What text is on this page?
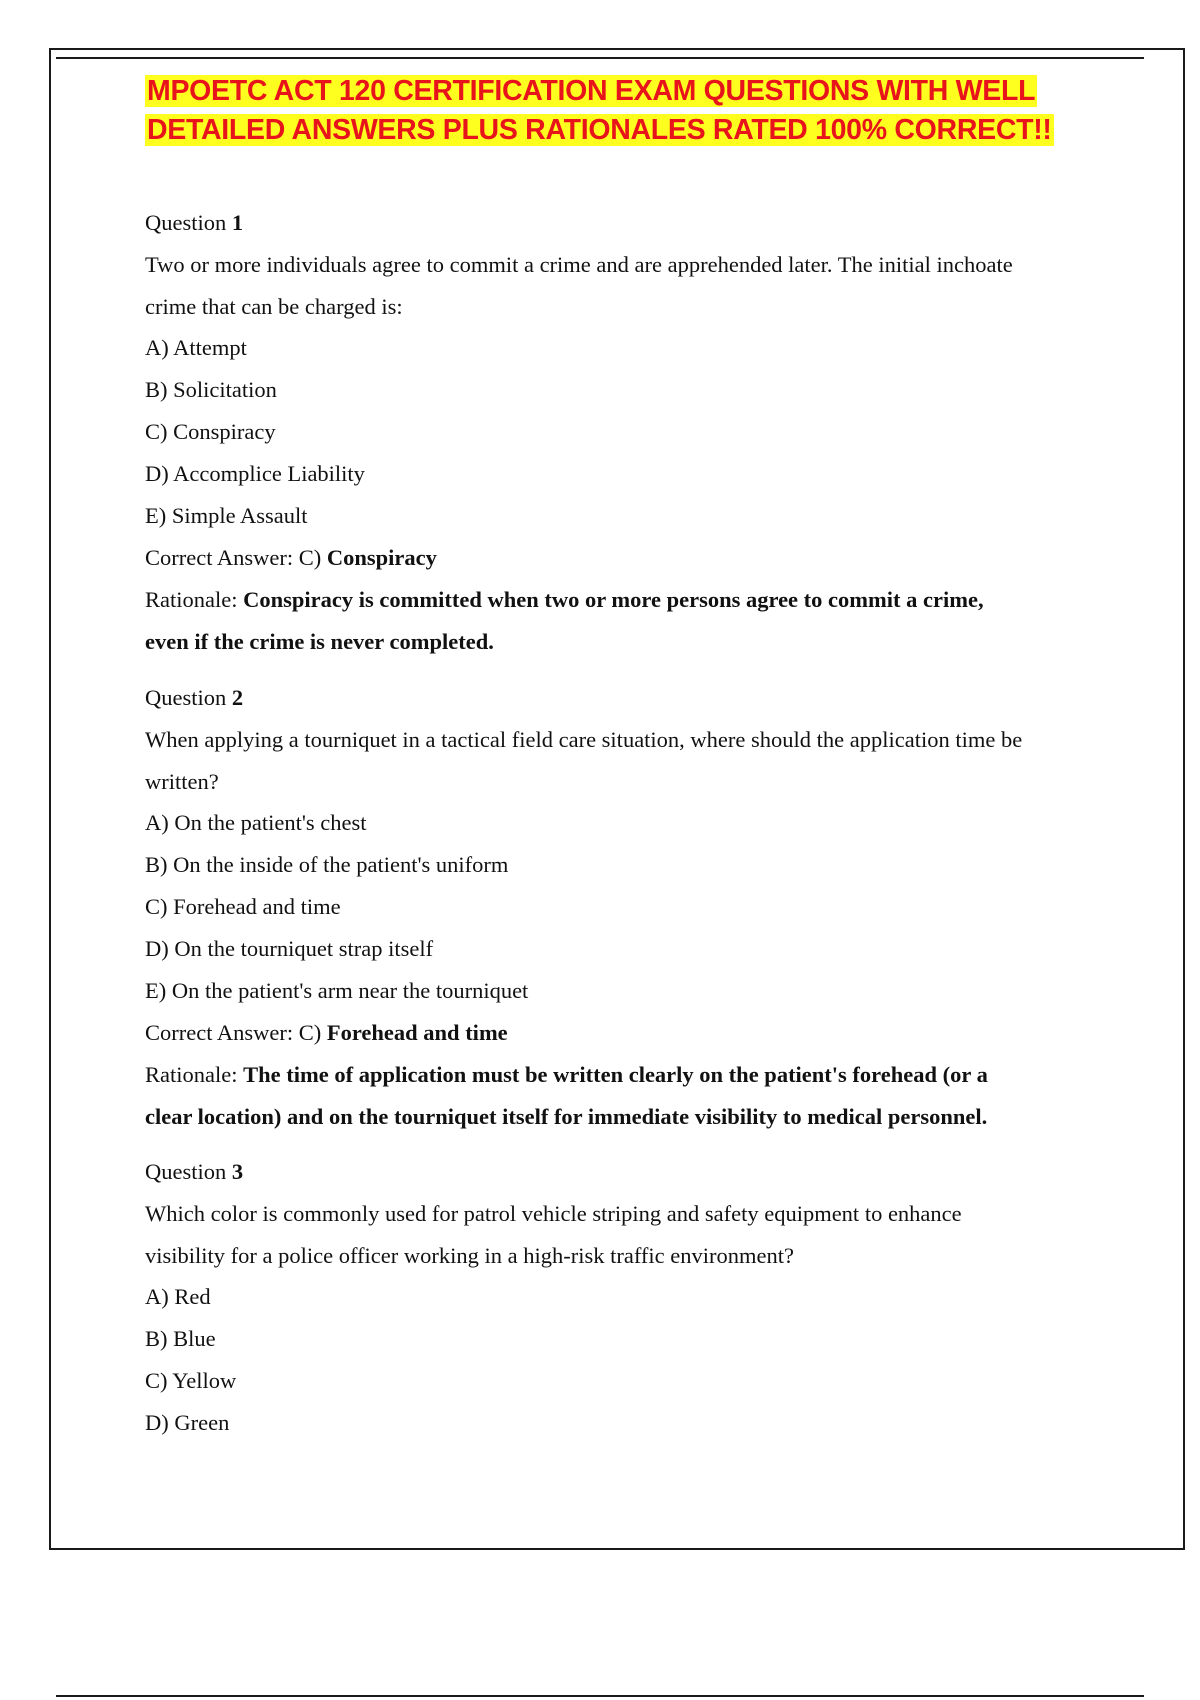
MPOETC ACT 120 CERTIFICATION EXAM QUESTIONS WITH WELL
DETAILED ANSWERS PLUS RATIONALES RATED 100% CORRECT!!
Question 1
Two or more individuals agree to commit a crime and are apprehended later. The initial inchoate
crime that can be charged is:
A) Attempt
B) Solicitation
C) Conspiracy
D) Accomplice Liability
E) Simple Assault
Correct Answer: C) Conspiracy
Rationale: Conspiracy is committed when two or more persons agree to commit a crime,
even if the crime is never completed.
Question 2
When applying a tourniquet in a tactical field care situation, where should the application time be
written?
A) On the patient's chest
B) On the inside of the patient's uniform
C) Forehead and time
D) On the tourniquet strap itself
E) On the patient's arm near the tourniquet
Correct Answer: C) Forehead and time
Rationale: The time of application must be written clearly on the patient's forehead (or a
clear location) and on the tourniquet itself for immediate visibility to medical personnel.
Question 3
Which color is commonly used for patrol vehicle striping and safety equipment to enhance
visibility for a police officer working in a high-risk traffic environment?
A) Red
B) Blue
C) Yellow
D) Green
